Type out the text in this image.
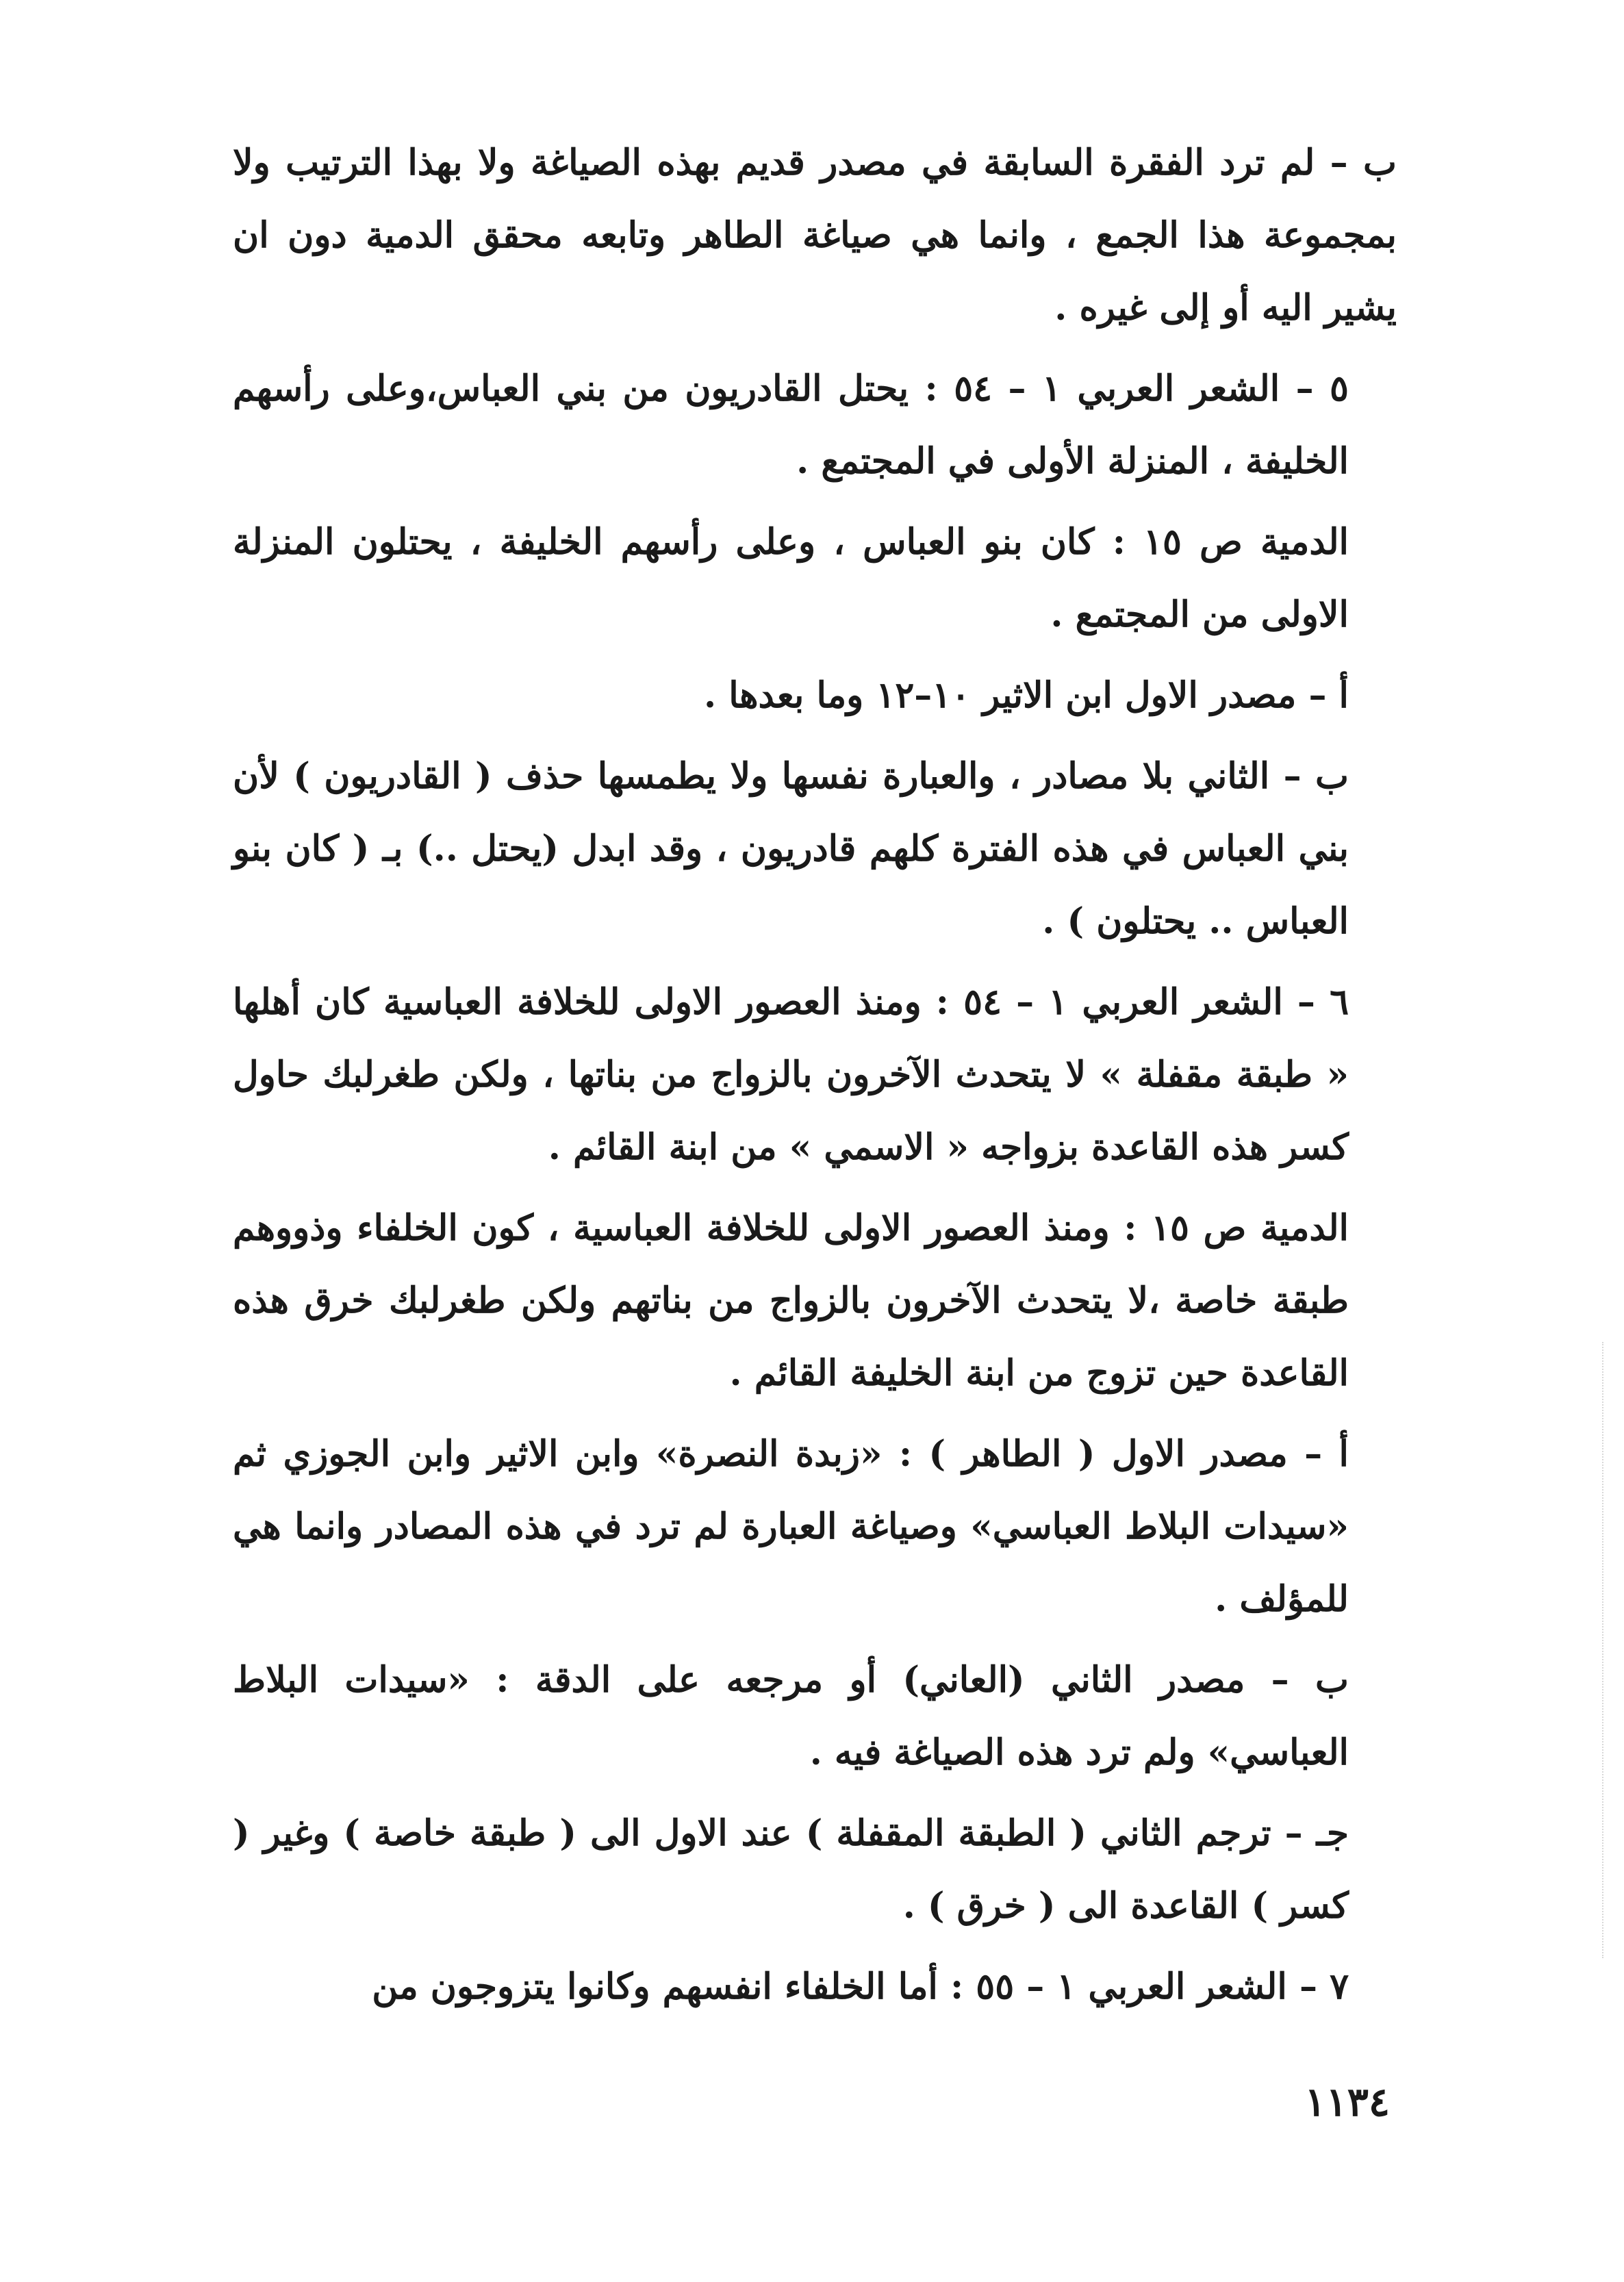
ب – لم ترد الفقرة السابقة في مصدر قديم بهذه الصياغة ولا بهذا الترتيب ولا بمجموعة هذا الجمع ، وانما هي صياغة الطاهر وتابعه محقق الدمية دون ان يشير اليه أو إلى غيره .

٥ – الشعر العربي ١ – ٥٤ : يحتل القادريون من بني العباس،وعلى رأسهم الخليفة ، المنزلة الأولى في المجتمع .

الدمية ص ١٥ : كان بنو العباس ، وعلى رأسهم الخليفة ، يحتلون المنزلة الاولى من المجتمع .

أ – مصدر الاول ابن الاثير ١٠–١٢ وما بعدها .

ب – الثاني بلا مصادر ، والعبارة نفسها ولا يطمسها حذف ( القادريون ) لأن بني العباس في هذه الفترة كلهم قادريون ، وقد ابدل (يحتل ..) بـ ( كان بنو العباس .. يحتلون ) .

٦ – الشعر العربي ١ – ٥٤ : ومنذ العصور الاولى للخلافة العباسية كان أهلها « طبقة مقفلة » لا يتحدث الآخرون بالزواج من بناتها ، ولكن طغرلبك حاول كسر هذه القاعدة بزواجه « الاسمي » من ابنة القائم .

الدمية ص ١٥ : ومنذ العصور الاولى للخلافة العباسية ، كون الخلفاء وذووهم طبقة خاصة ،لا يتحدث الآخرون بالزواج من بناتهم ولكن طغرلبك خرق هذه القاعدة حين تزوج من ابنة الخليفة القائم .

أ – مصدر الاول ( الطاهر ) : «زبدة النصرة» وابن الاثير وابن الجوزي ثم «سيدات البلاط العباسي» وصياغة العبارة لم ترد في هذه المصادر وانما هي للمؤلف .

ب – مصدر الثاني (العاني) أو مرجعه على الدقة : «سيدات البلاط العباسي» ولم ترد هذه الصياغة فيه .

جـ – ترجم الثاني ( الطبقة المقفلة ) عند الاول الى ( طبقة خاصة ) وغير ( كسر ) القاعدة الى ( خرق ) .

٧ – الشعر العربي ١ – ٥٥ : أما الخلفاء انفسهم وكانوا يتزوجون من

١١٣٤
